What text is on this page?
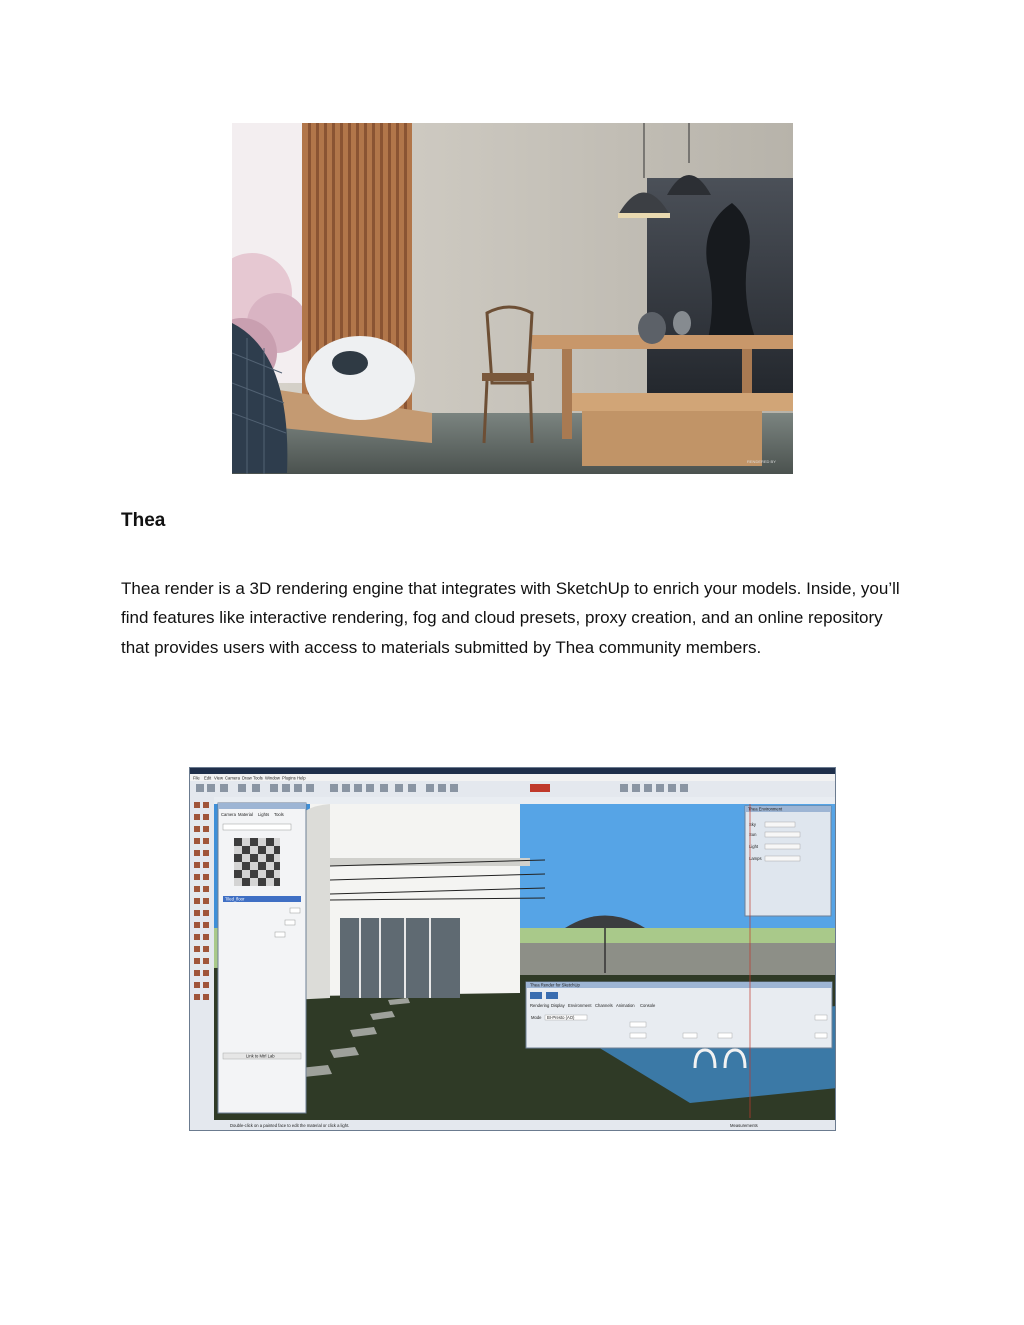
RENDERED BY
Thea

Thea render is a 3D rendering engine that integrates with SketchUp to enrich your models. Inside, you’ll find features like interactive rendering, fog and cloud presets, proxy creation, and an online repository that provides users with access to materials submitted by Thea community members.

File Edit View Camera Draw Tools Window Plugins Help
Camera Material Lights Tools
Tiled_floor
Link to Mtrl Lab
Thea Environment
Sky
Sun
Light
Lamps
Thea Render for SketchUp
Rendering Display Environment Channels Animation Console
Mode BI-Presto (AO)
Double-click on a painted face to edit the material or click a light.	Measurements
